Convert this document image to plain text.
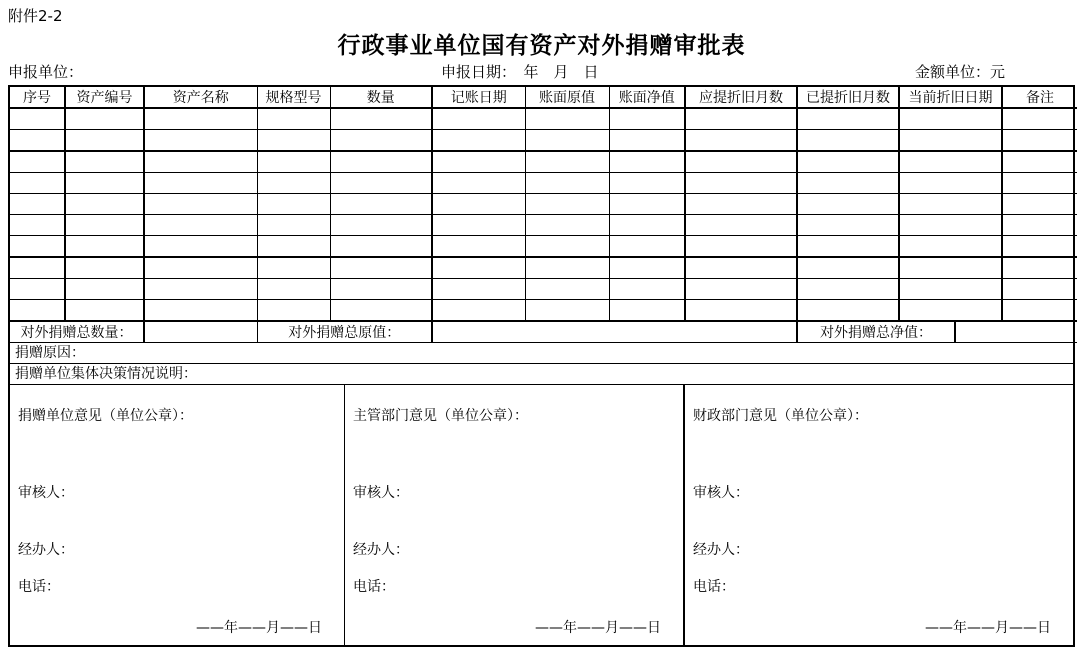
附件2-2
行政事业单位国有资产对外捐赠审批表
申报单位：	申报日期：　年　月　日	金额单位：元
序号	资产编号	资产名称	规格型号	数量	记账日期	账面原值	账面净值	应提折旧月数	已提折旧月数	当前折旧日期	备注

对外捐赠总数量：		对外捐赠总原值：		对外捐赠总净值：	
捐赠原因：
捐赠单位集体决策情况说明：
捐赠单位意见（单位公章）：
审核人：
经办人：
电话：
——年——月——日
主管部门意见（单位公章）：
审核人：
经办人：
电话：
——年——月——日
财政部门意见（单位公章）：
审核人：
经办人：
电话：
——年——月——日
